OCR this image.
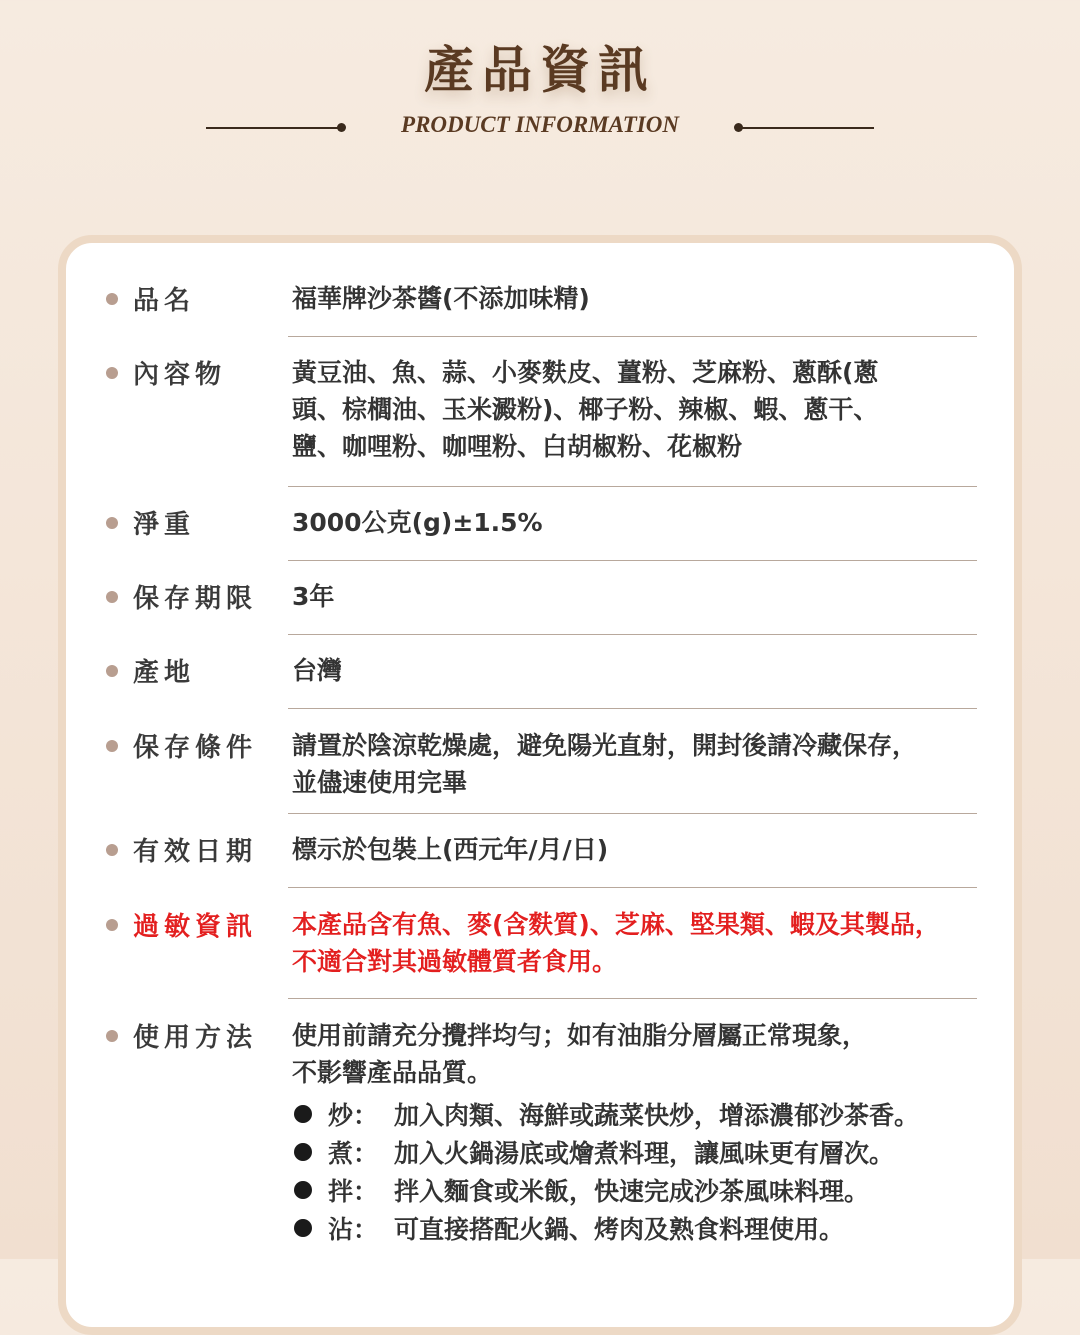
產品資訊
PRODUCT INFORMATION
品名	福華牌沙茶醬(不添加味精)
內容物	黃豆油、魚、蒜、小麥麩皮、薑粉、芝麻粉、蔥酥(蔥
頭、棕櫚油、玉米澱粉)、椰子粉、辣椒、蝦、蔥干、
鹽、咖哩粉、咖哩粉、白胡椒粉、花椒粉
淨重	3000公克(g)±1.5%
保存期限 3年
產地	台灣
保存條件 請置於陰涼乾燥處，避免陽光直射，開封後請冷藏保存，
並儘速使用完畢
有效日期 標示於包裝上(西元年/月/日)
過敏資訊 本產品含有魚、麥(含麩質)、芝麻、堅果類、蝦及其製品，
不適合對其過敏體質者食用。
使用方法 使用前請充分攪拌均勻；如有油脂分層屬正常現象，
不影響產品品質。
炒： 加入肉類、海鮮或蔬菜快炒，增添濃郁沙茶香。
煮： 加入火鍋湯底或燴煮料理，讓風味更有層次。
拌： 拌入麵食或米飯，快速完成沙茶風味料理。
沾： 可直接搭配火鍋、烤肉及熟食料理使用。
